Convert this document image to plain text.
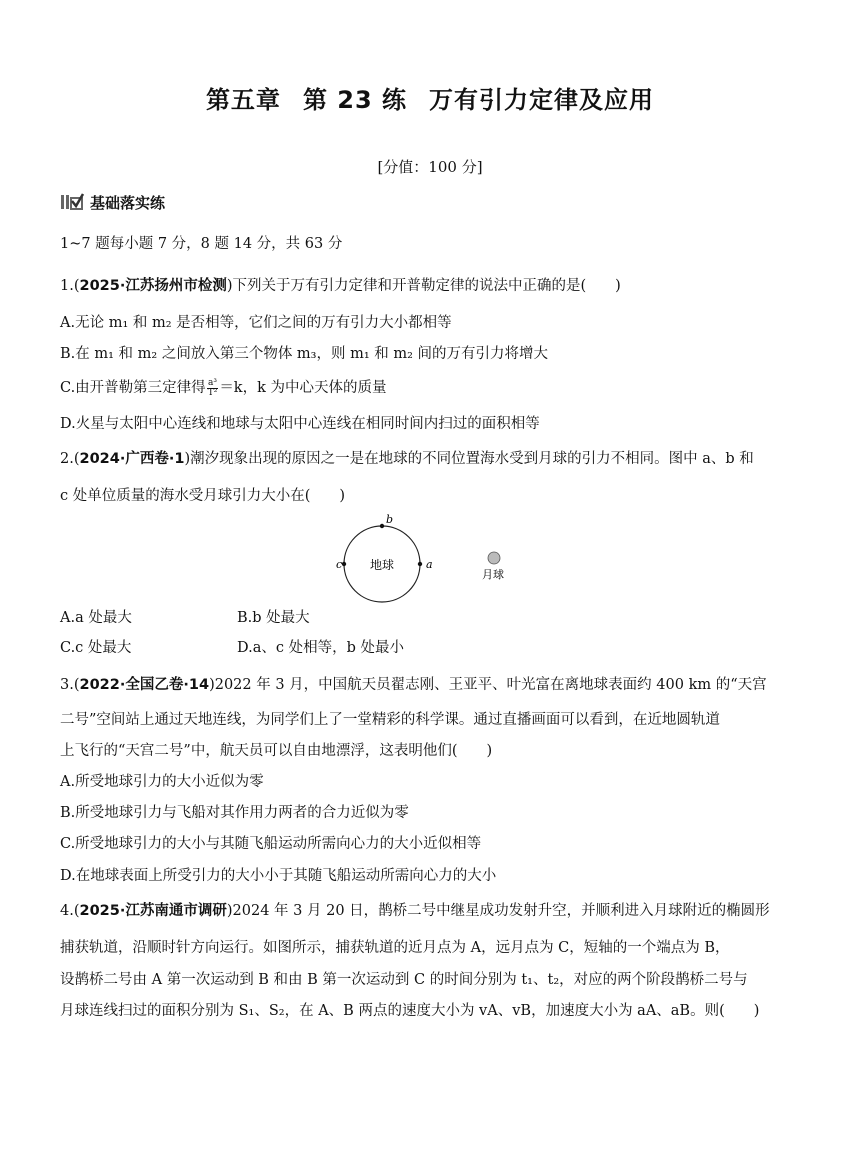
第五章 第 23 练 万有引力定律及应用
[分值：100 分]
基础落实练
1~7 题每小题 7 分，8 题 14 分，共 63 分
1.(2025·江苏扬州市检测)下列关于万有引力定律和开普勒定律的说法中正确的是(　　)
A.无论 m₁ 和 m₂ 是否相等，它们之间的万有引力大小都相等
B.在 m₁ 和 m₂ 之间放入第三个物体 m₃，则 m₁ 和 m₂ 间的万有引力将增大
C.由开普勒第三定律得 $\frac{\text{a³}}{\text{T²}} =k$，k 为中心天体的质量
D.火星与太阳中心连线和地球与太阳中心连线在相同时间内扫过的面积相等
2.(2024·广西卷·1)潮汐现象出现的原因之一是在地球的不同位置海水受到月球的引力不相同。图中 a、b 和
c 处单位质量的海水受月球引力大小在(　　)
地球	a
b
c
月球
A.a 处最大	B.b 处最大
C.c 处最大	D.a、c 处相等，b 处最小
3.(2022·全国乙卷·14)2022 年 3 月，中国航天员翟志刚、王亚平、叶光富在离地球表面约 400 km 的“天宫
二号”空间站上通过天地连线，为同学们上了一堂精彩的科学课。通过直播画面可以看到，在近地圆轨道
上飞行的“天宫二号”中，航天员可以自由地漂浮，这表明他们(　　)
A.所受地球引力的大小近似为零
B.所受地球引力与飞船对其作用力两者的合力近似为零
C.所受地球引力的大小与其随飞船运动所需向心力的大小近似相等
D.在地球表面上所受引力的大小小于其随飞船运动所需向心力的大小
4.(2025·江苏南通市调研)2024 年 3 月 20 日，鹊桥二号中继星成功发射升空，并顺利进入月球附近的椭圆形
捕获轨道，沿顺时针方向运行。如图所示，捕获轨道的近月点为 A，远月点为 C，短轴的一个端点为 B，
设鹊桥二号由 A 第一次运动到 B 和由 B 第一次运动到 C 的时间分别为 t₁、t₂，对应的两个阶段鹊桥二号与
月球连线扫过的面积分别为 S₁、S₂，在 A、B 两点的速度大小为 vA、vB，加速度大小为 aA、aB。则(　　)
